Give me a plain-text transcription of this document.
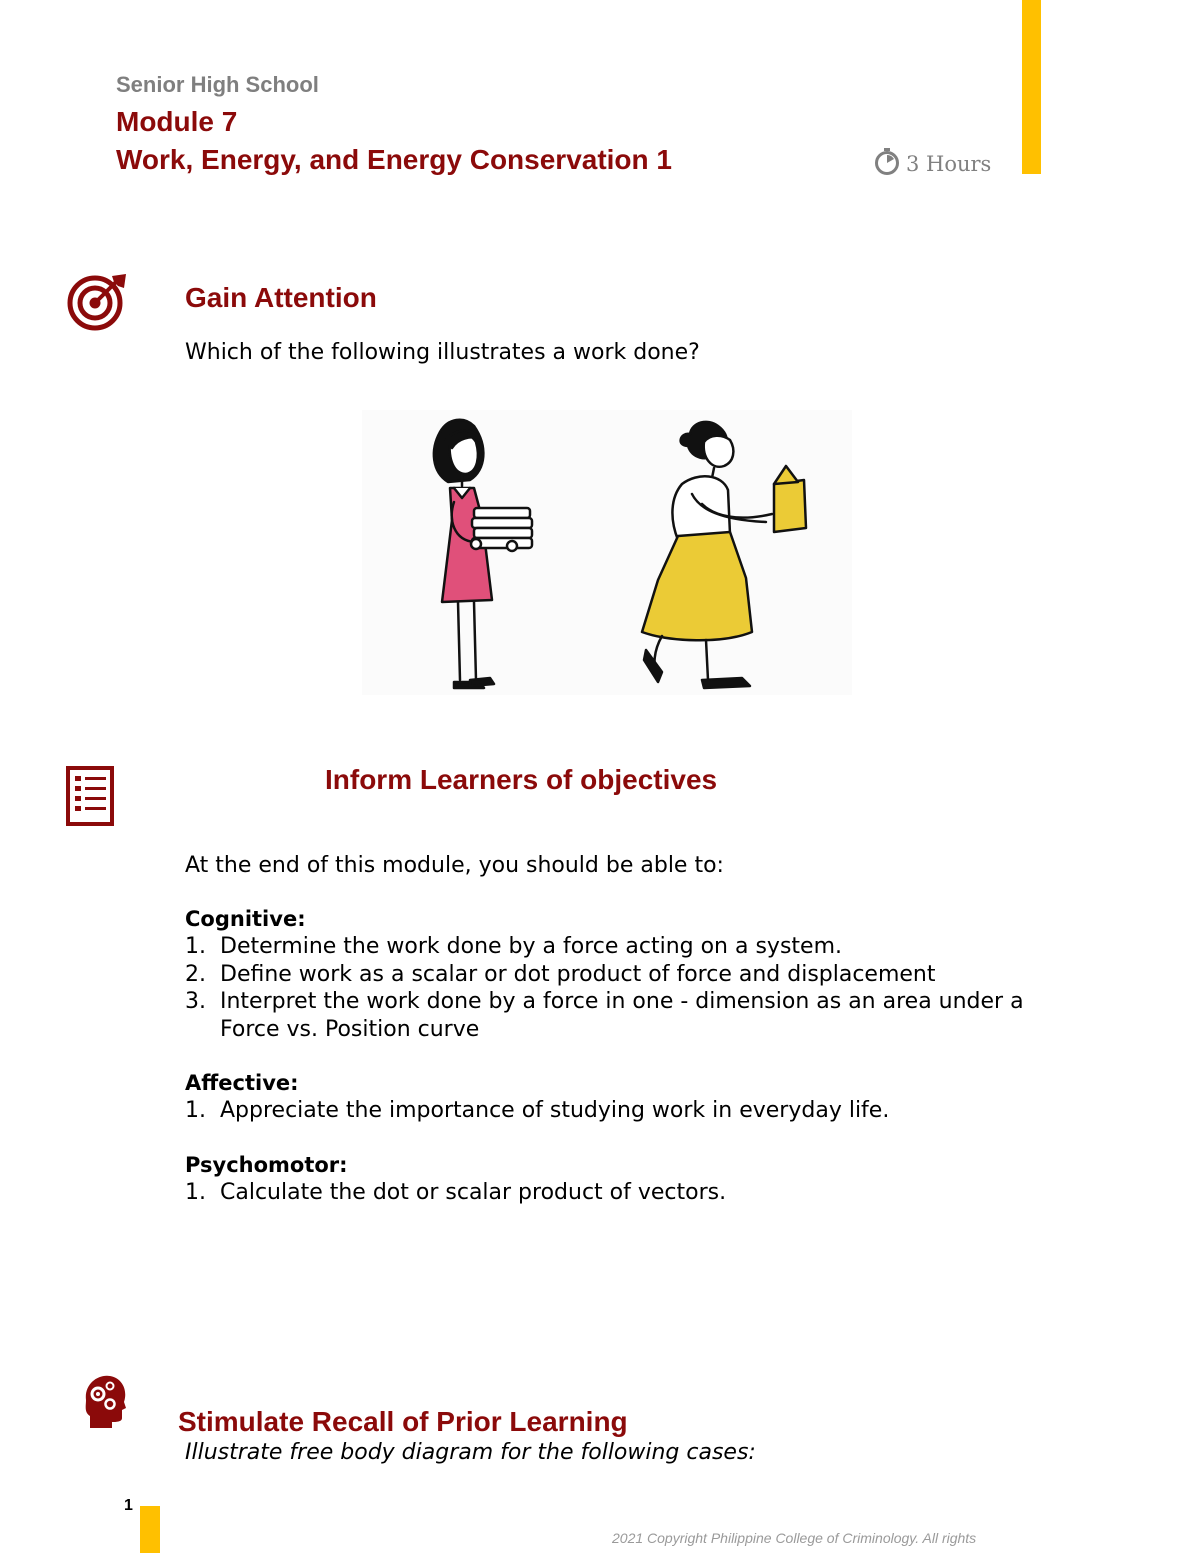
Senior High School
Module 7
Work, Energy, and Energy Conservation 1	3 Hours
Gain Attention
Which of the following illustrates a work done?
Inform Learners of objectives
At the end of this module, you should be able to:
Cognitive:
1. Determine the work done by a force acting on a system.
2. Define work as a scalar or dot product of force and displacement
3. Interpret the work done by a force in one - dimension as an area under a Force vs. Position curve
Affective:
1. Appreciate the importance of studying work in everyday life.
Psychomotor:
1. Calculate the dot or scalar product of vectors.
Stimulate Recall of Prior Learning
Illustrate free body diagram for the following cases:
1
2021 Copyright Philippine College of Criminology. All rights
